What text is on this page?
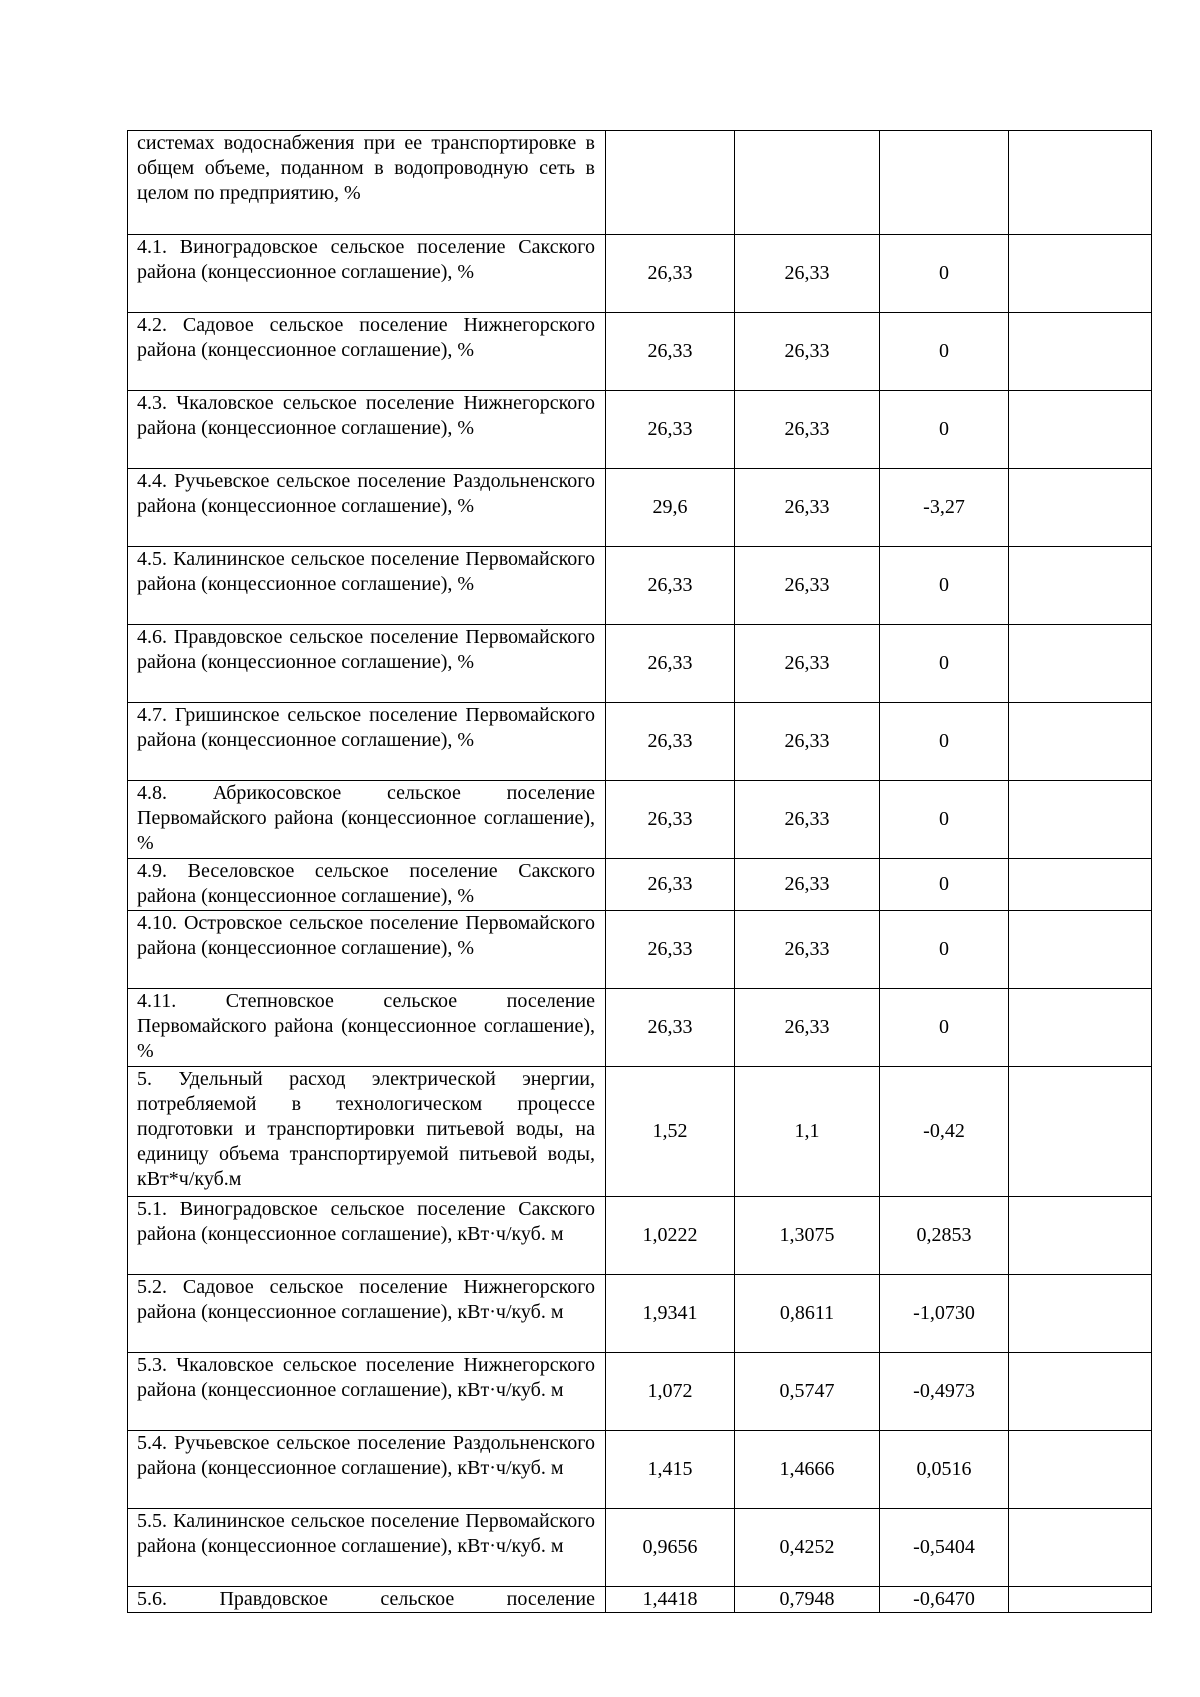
системах водоснабжения при ее транспортировке в общем объеме, поданном в водопроводную сеть в целом по предприятию, %				
4.1. Виноградовское сельское поселение Сакского района (концессионное соглашение), %	26,33	26,33	0	
4.2. Садовое сельское поселение Нижнегорского района (концессионное соглашение), %	26,33	26,33	0	
4.3. Чкаловское сельское поселение Нижнегорского района (концессионное соглашение), %	26,33	26,33	0	
4.4. Ручьевское сельское поселение Раздольненского района (концессионное соглашение), %	29,6	26,33	-3,27	
4.5. Калининское сельское поселение Первомайского района (концессионное соглашение), %	26,33	26,33	0	
4.6. Правдовское сельское поселение Первомайского района (концессионное соглашение), %	26,33	26,33	0	
4.7. Гришинское сельское поселение Первомайского района (концессионное соглашение), %	26,33	26,33	0	
4.8. Абрикосовское сельское поселение Первомайского района (концессионное соглашение), %	26,33	26,33	0	
4.9. Веселовское сельское поселение Сакского района (концессионное соглашение), %	26,33	26,33	0	
4.10. Островское сельское поселение Первомайского района (концессионное соглашение), %	26,33	26,33	0	
4.11. Степновское сельское поселение Первомайского района (концессионное соглашение), %	26,33	26,33	0	
5. Удельный расход электрической энергии, потребляемой в технологическом процессе подготовки и транспортировки питьевой воды, на единицу объема транспортируемой питьевой воды, кВт*ч/куб.м	1,52	1,1	-0,42	
5.1. Виноградовское сельское поселение Сакского района (концессионное соглашение), кВт·ч/куб. м	1,0222	1,3075	0,2853	
5.2. Садовое сельское поселение Нижнегорского района (концессионное соглашение), кВт·ч/куб. м	1,9341	0,8611	-1,0730	
5.3. Чкаловское сельское поселение Нижнегорского района (концессионное соглашение), кВт·ч/куб. м	1,072	0,5747	-0,4973	
5.4. Ручьевское сельское поселение Раздольненского района (концессионное соглашение), кВт·ч/куб. м	1,415	1,4666	0,0516	
5.5. Калининское сельское поселение Первомайского района (концессионное соглашение), кВт·ч/куб. м	0,9656	0,4252	-0,5404	
5.6. Правдовское сельское поселение	1,4418	0,7948	-0,6470	
